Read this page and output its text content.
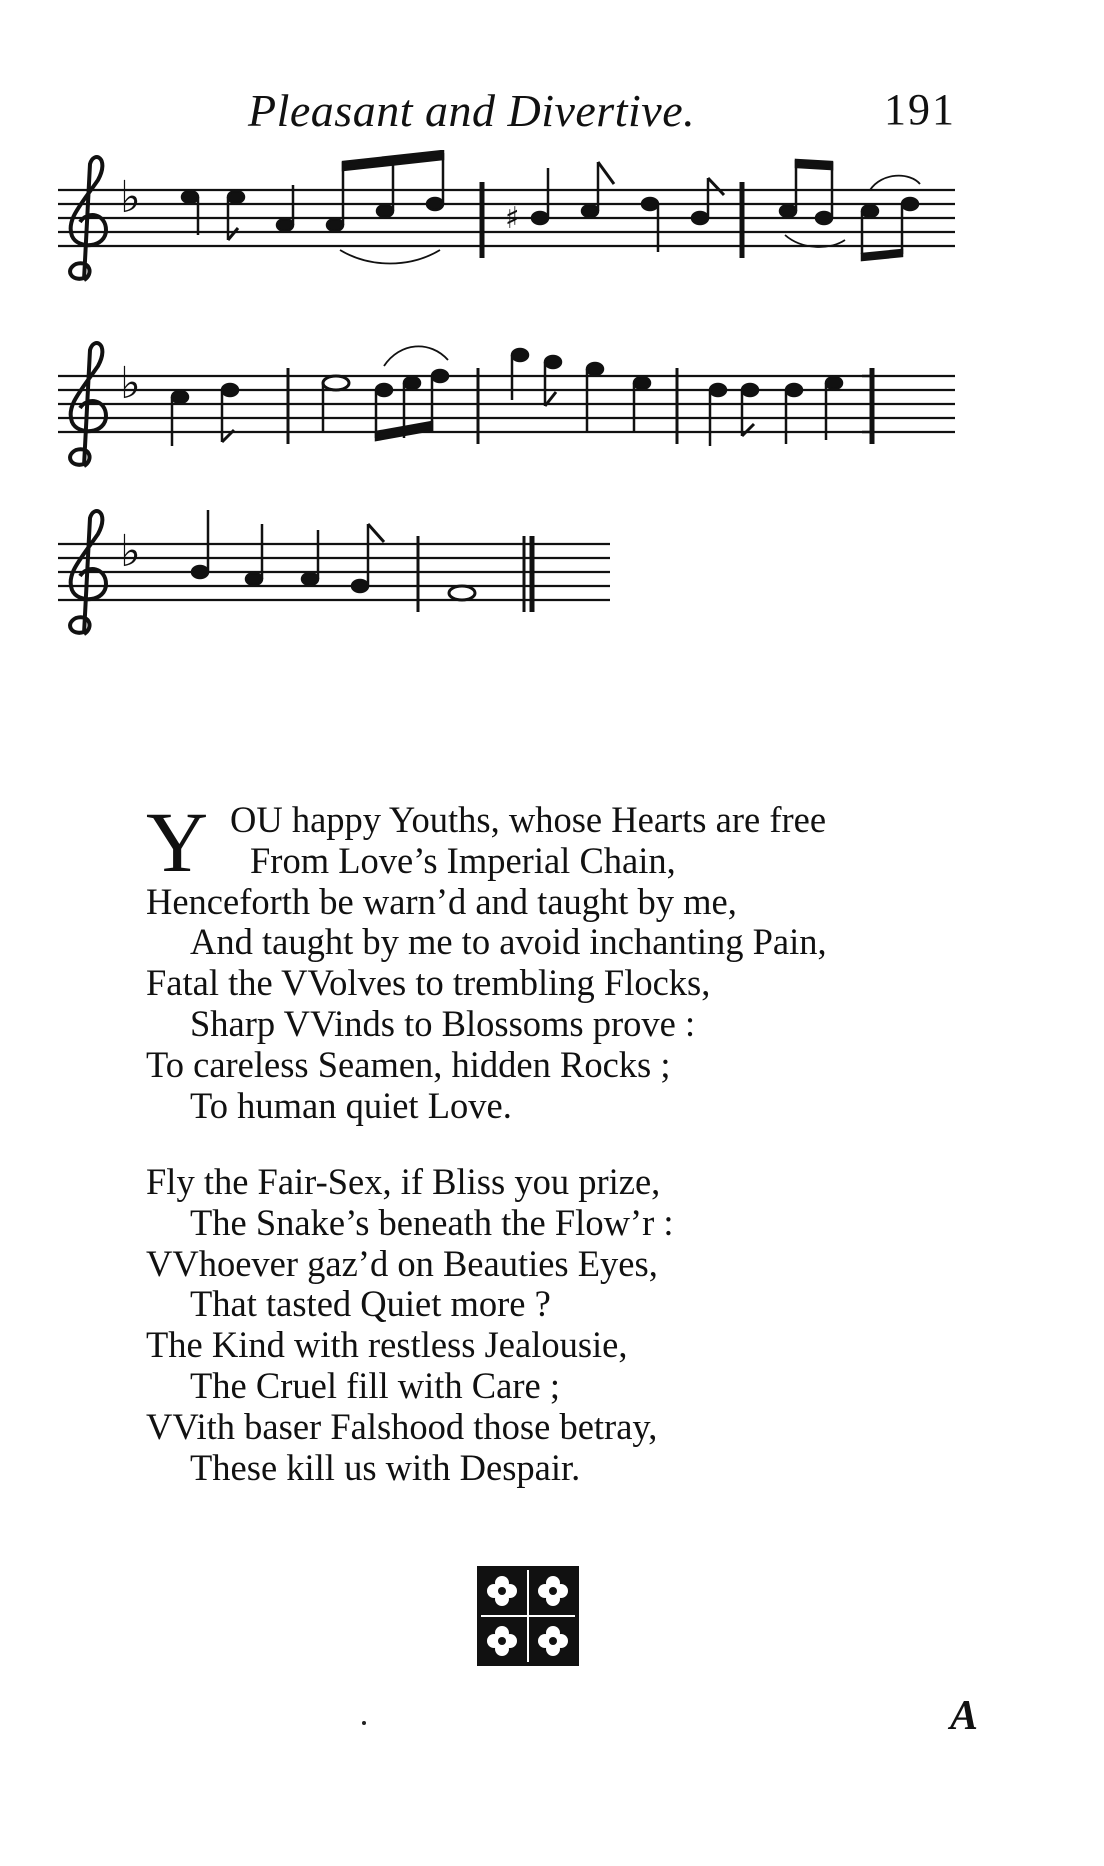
Pleasant and Divertive.	191
♭	♯
♭
♭
Y OU happy Youths, whose Hearts are free
From Love’s Imperial Chain,
Henceforth be warn’d and taught by me,
And taught by me to avoid inchanting Pain,
Fatal the VVolves to trembling Flocks,
Sharp VVinds to Blossoms prove :
To careless Seamen, hidden Rocks ;
To human quiet Love.
Fly the Fair-Sex, if Bliss you prize,
The Snake’s beneath the Flow’r :
VVhoever gaz’d on Beauties Eyes,
That tasted Quiet more ?
The Kind with restless Jealousie,
The Cruel fill with Care ;
VVith baser Falshood those betray,
These kill us with Despair.
A
